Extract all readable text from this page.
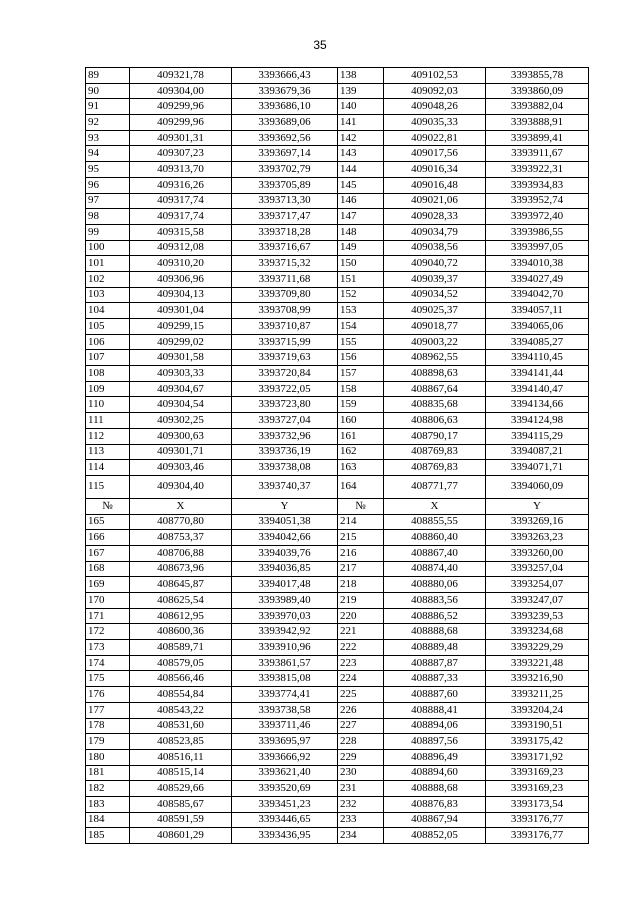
35
89	409321,78	3393666,43	138	409102,53	3393855,78
90	409304,00	3393679,36	139	409092,03	3393860,09
91	409299,96	3393686,10	140	409048,26	3393882,04
92	409299,96	3393689,06	141	409035,33	3393888,91
93	409301,31	3393692,56	142	409022,81	3393899,41
94	409307,23	3393697,14	143	409017,56	3393911,67
95	409313,70	3393702,79	144	409016,34	3393922,31
96	409316,26	3393705,89	145	409016,48	3393934,83
97	409317,74	3393713,30	146	409021,06	3393952,74
98	409317,74	3393717,47	147	409028,33	3393972,40
99	409315,58	3393718,28	148	409034,79	3393986,55
100	409312,08	3393716,67	149	409038,56	3393997,05
101	409310,20	3393715,32	150	409040,72	3394010,38
102	409306,96	3393711,68	151	409039,37	3394027,49
103	409304,13	3393709,80	152	409034,52	3394042,70
104	409301,04	3393708,99	153	409025,37	3394057,11
105	409299,15	3393710,87	154	409018,77	3394065,06
106	409299,02	3393715,99	155	409003,22	3394085,27
107	409301,58	3393719,63	156	408962,55	3394110,45
108	409303,33	3393720,84	157	408898,63	3394141,44
109	409304,67	3393722,05	158	408867,64	3394140,47
110	409304,54	3393723,80	159	408835,68	3394134,66
111	409302,25	3393727,04	160	408806,63	3394124,98
112	409300,63	3393732,96	161	408790,17	3394115,29
113	409301,71	3393736,19	162	408769,83	3394087,21
114	409303,46	3393738,08	163	408769,83	3394071,71
115	409304,40	3393740,37	164	408771,77	3394060,09
№	X	Y	№	X	Y
165	408770,80	3394051,38	214	408855,55	3393269,16
166	408753,37	3394042,66	215	408860,40	3393263,23
167	408706,88	3394039,76	216	408867,40	3393260,00
168	408673,96	3394036,85	217	408874,40	3393257,04
169	408645,87	3394017,48	218	408880,06	3393254,07
170	408625,54	3393989,40	219	408883,56	3393247,07
171	408612,95	3393970,03	220	408886,52	3393239,53
172	408600,36	3393942,92	221	408888,68	3393234,68
173	408589,71	3393910,96	222	408889,48	3393229,29
174	408579,05	3393861,57	223	408887,87	3393221,48
175	408566,46	3393815,08	224	408887,33	3393216,90
176	408554,84	3393774,41	225	408887,60	3393211,25
177	408543,22	3393738,58	226	408888,41	3393204,24
178	408531,60	3393711,46	227	408894,06	3393190,51
179	408523,85	3393695,97	228	408897,56	3393175,42
180	408516,11	3393666,92	229	408896,49	3393171,92
181	408515,14	3393621,40	230	408894,60	3393169,23
182	408529,66	3393520,69	231	408888,68	3393169,23
183	408585,67	3393451,23	232	408876,83	3393173,54
184	408591,59	3393446,65	233	408867,94	3393176,77
185	408601,29	3393436,95	234	408852,05	3393176,77
